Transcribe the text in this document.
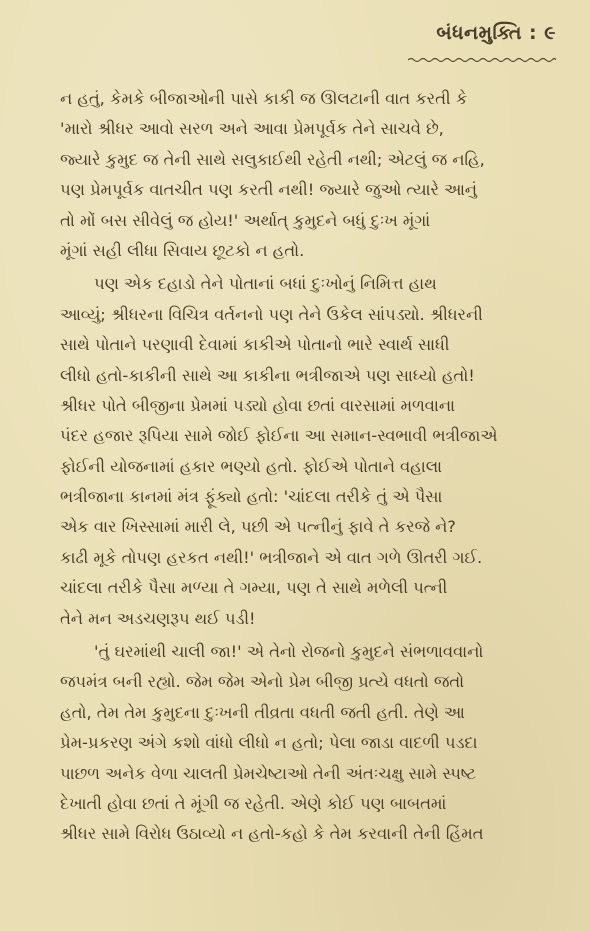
બંધનમુક્તિ : ૯
ન હતું, કેમકે બીજાઓની પાસે કાકી જ ઊલટાની વાત કરતી કે
'મારો શ્રીધર આવો સરળ અને આવા પ્રેમપૂર્વક તેને સાચવે છે,
જ્યારે કુમુદ જ તેની સાથે સલુકાઈથી રહેતી નથી; એટલું જ નહિ,
પણ પ્રેમપૂર્વક વાતચીત પણ કરતી નથી! જ્યારે જુઓ ત્યારે આનું
તો મોં બસ સીવેલું જ હોય!' અર્થાત્ કુમુદને બધું દુઃખ મૂંગાં
મૂંગાં સહી લીધા સિવાય છૂટકો ન હતો.
પણ એક દહાડો તેને પોતાનાં બધાં દુઃખોનું નિમિત્ત હાથ
આવ્યું; શ્રીધરના વિચિત્ર વર્તનનો પણ તેને ઉકેલ સાંપડ્યો. શ્રીધરની
સાથે પોતાને પરણાવી દેવામાં કાકીએ પોતાનો ભારે સ્વાર્થ સાધી
લીધો હતો-કાકીની સાથે આ કાકીના ભત્રીજાએ પણ સાધ્યો હતો!
શ્રીધર પોતે બીજીના પ્રેમમાં પડ્યો હોવા છતાં વારસામાં મળવાના
પંદર હજાર રૂપિયા સામે જોઈ ફોઈના આ સમાન-સ્વભાવી ભત્રીજાએ
ફોઈની યોજનામાં હકાર ભણ્યો હતો. ફોઈએ પોતાને વહાલા
ભત્રીજાના કાનમાં મંત્ર ફૂંક્યો હતો: 'ચાંદલા તરીકે તું એ પૈસા
એક વાર ખિસ્સામાં મારી લે, પછી એ પત્નીનું ફાવે તે કરજે ને?
કાઢી મૂકે તોપણ હરકત નથી!' ભત્રીજાને એ વાત ગળે ઊતરી ગઈ.
ચાંદલા તરીકે પૈસા મળ્યા તે ગમ્યા, પણ તે સાથે મળેલી પત્ની
તેને મન અડચણરૂપ થઈ પડી!
'તું ઘરમાંથી ચાલી જા!' એ તેનો રોજનો કુમુદને સંભળાવવાનો
જપમંત્ર બની રહ્યો. જેમ જેમ એનો પ્રેમ બીજી પ્રત્યે વધતો જતો
હતો, તેમ તેમ કુમુદના દુઃખની તીવ્રતા વધતી જતી હતી. તેણે આ
પ્રેમ-પ્રકરણ અંગે કશો વાંધો લીધો ન હતો; પેલા જાડા વાદળી પડદા
પાછળ અનેક વેળા ચાલતી પ્રેમચેષ્ટાઓ તેની અંતઃચક્ષુ સામે સ્પષ્ટ
દેખાતી હોવા છતાં તે મૂંગી જ રહેતી. એણે કોઈ પણ બાબતમાં
શ્રીધર સામે વિરોધ ઉઠાવ્યો ન હતો-કહો કે તેમ કરવાની તેની હિંમત
